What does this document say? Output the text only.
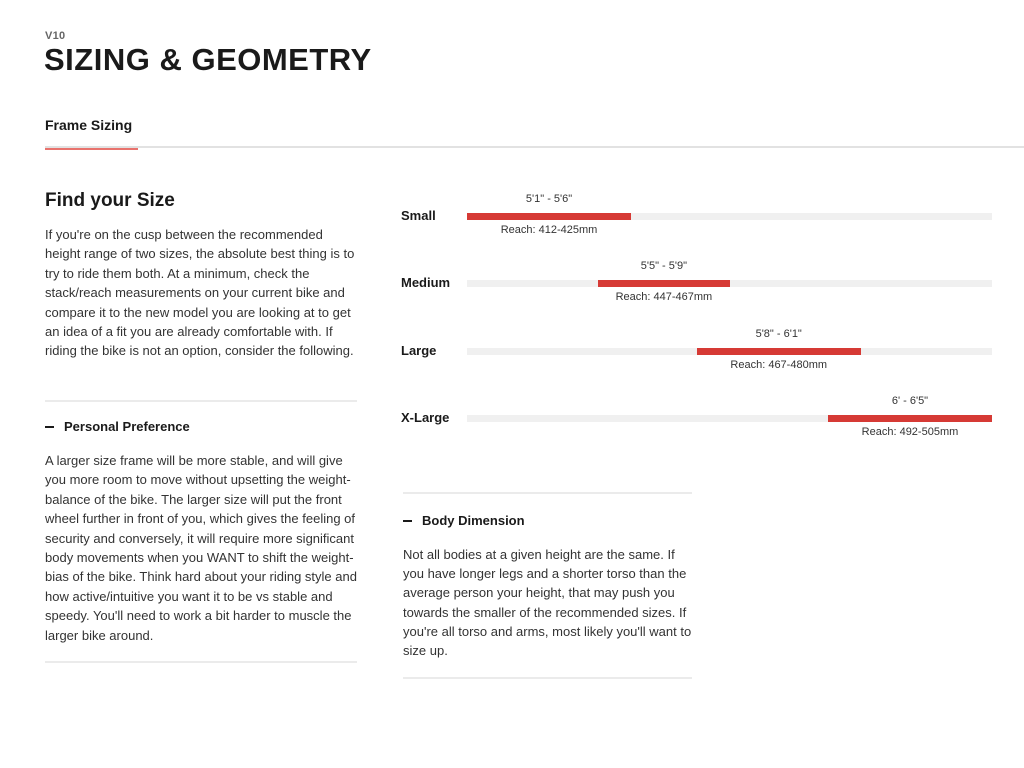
V10
SIZING & GEOMETRY
Frame Sizing
Find your Size

If you're on the cusp between the recommended height range of two sizes, the absolute best thing is to try to ride them both. At a minimum, check the stack/reach measurements on your current bike and compare it to the new model you are looking at to get an idea of a fit you are already comfortable with. If riding the bike is not an option, consider the following.

Personal Preference

A larger size frame will be more stable, and will give you more room to move without upsetting the weight-balance of the bike. The larger size will put the front wheel further in front of you, which gives the feeling of security and conversely, it will require more significant body movements when you WANT to shift the weight-bias of the bike. Think hard about your riding style and how active/intuitive you want it to be vs stable and speedy. You'll need to work a bit harder to muscle the larger bike around.

Small
5'1" - 5'6"
Reach: 412-425mm
Medium
5'5" - 5'9"
Reach: 447-467mm
Large
5'8" - 6'1"
Reach: 467-480mm
X-Large
6' - 6'5"
Reach: 492-505mm
Body Dimension

Not all bodies at a given height are the same. If you have longer legs and a shorter torso than the average person your height, that may push you towards the smaller of the recommended sizes. If you're all torso and arms, most likely you'll want to size up.
